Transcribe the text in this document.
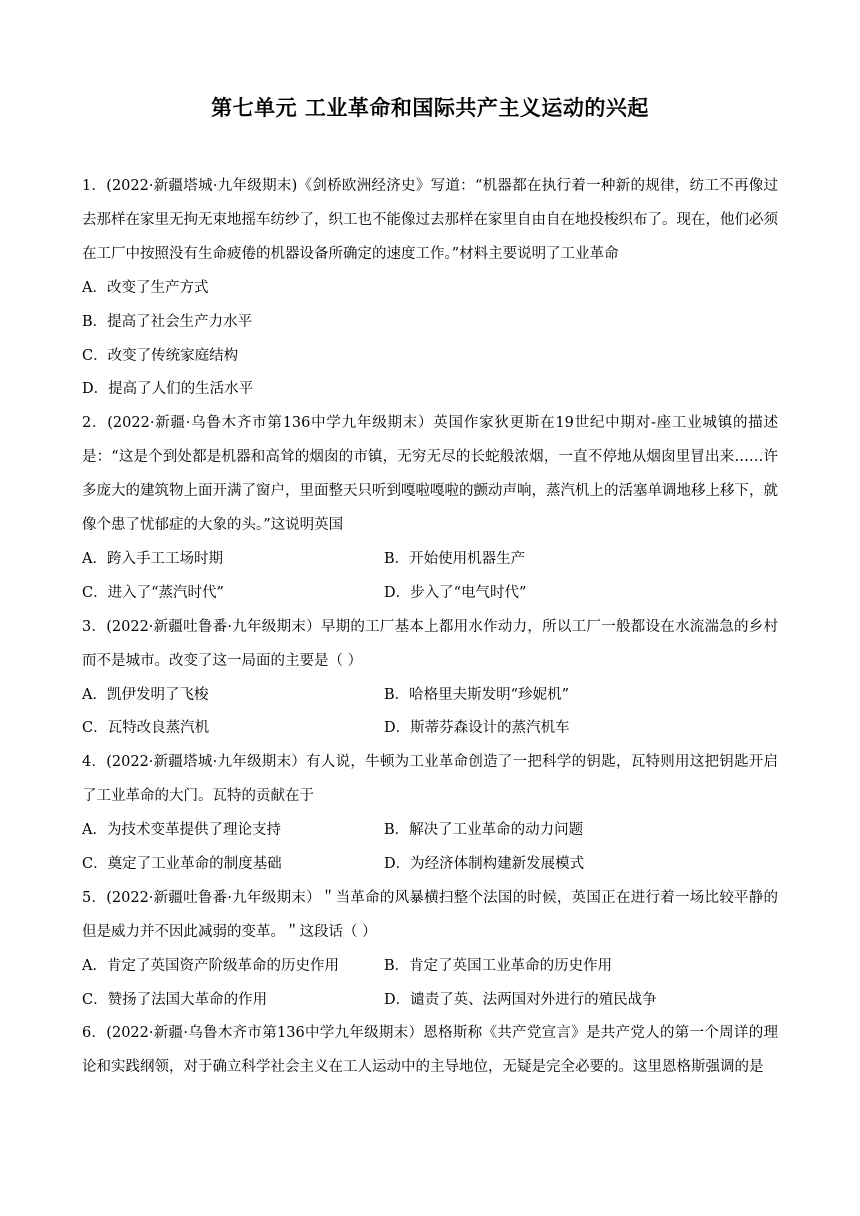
第七单元 工业革命和国际共产主义运动的兴起
1．(2022·新疆塔城·九年级期末)《剑桥欧洲经济史》写道：“机器都在执行着一种新的规律，纺工不再像过去那样在家里无拘无束地摇车纺纱了，织工也不能像过去那样在家里自由自在地投梭织布了。现在，他们必须在工厂中按照没有生命疲倦的机器设备所确定的速度工作。”材料主要说明了工业革命
A．改变了生产方式
B．提高了社会生产力水平
C．改变了传统家庭结构
D．提高了人们的生活水平
2．(2022·新疆·乌鲁木齐市第136中学九年级期末）英国作家狄更斯在19世纪中期对-座工业城镇的描述是：“这是个到处都是机器和高耸的烟囱的市镇，无穷无尽的长蛇般浓烟，一直不停地从烟囱里冒出来……许多庞大的建筑物上面开满了窗户，里面整天只听到嘎啦嘎啦的颤动声响，蒸汽机上的活塞单调地移上移下，就像个患了忧郁症的大象的头。”这说明英国
A．跨入手工工场时期	B．开始使用机器生产
C．进入了“蒸汽时代”	D．步入了“电气时代”
3．(2022·新疆吐鲁番·九年级期末）早期的工厂基本上都用水作动力，所以工厂一般都设在水流湍急的乡村而不是城市。改变了这一局面的主要是（ ）
A．凯伊发明了飞梭	B．哈格里夫斯发明“珍妮机”
C．瓦特改良蒸汽机	D．斯蒂芬森设计的蒸汽机车
4．(2022·新疆塔城·九年级期末）有人说，牛顿为工业革命创造了一把科学的钥匙，瓦特则用这把钥匙开启了工业革命的大门。瓦特的贡献在于
A．为技术变革提供了理论支持	B．解决了工业革命的动力问题
C．奠定了工业革命的制度基础	D．为经济体制构建新发展模式
5．(2022·新疆吐鲁番·九年级期末）＂当革命的风暴横扫整个法国的时候，英国正在进行着一场比较平静的但是威力并不因此减弱的变革。＂这段话（ ）
A．肯定了英国资产阶级革命的历史作用	B．肯定了英国工业革命的历史作用
C．赞扬了法国大革命的作用	D．谴责了英、法两国对外进行的殖民战争
6．(2022·新疆·乌鲁木齐市第136中学九年级期末）恩格斯称《共产党宣言》是共产党人的第一个周详的理论和实践纲领，对于确立科学社会主义在工人运动中的主导地位，无疑是完全必要的。这里恩格斯强调的是
